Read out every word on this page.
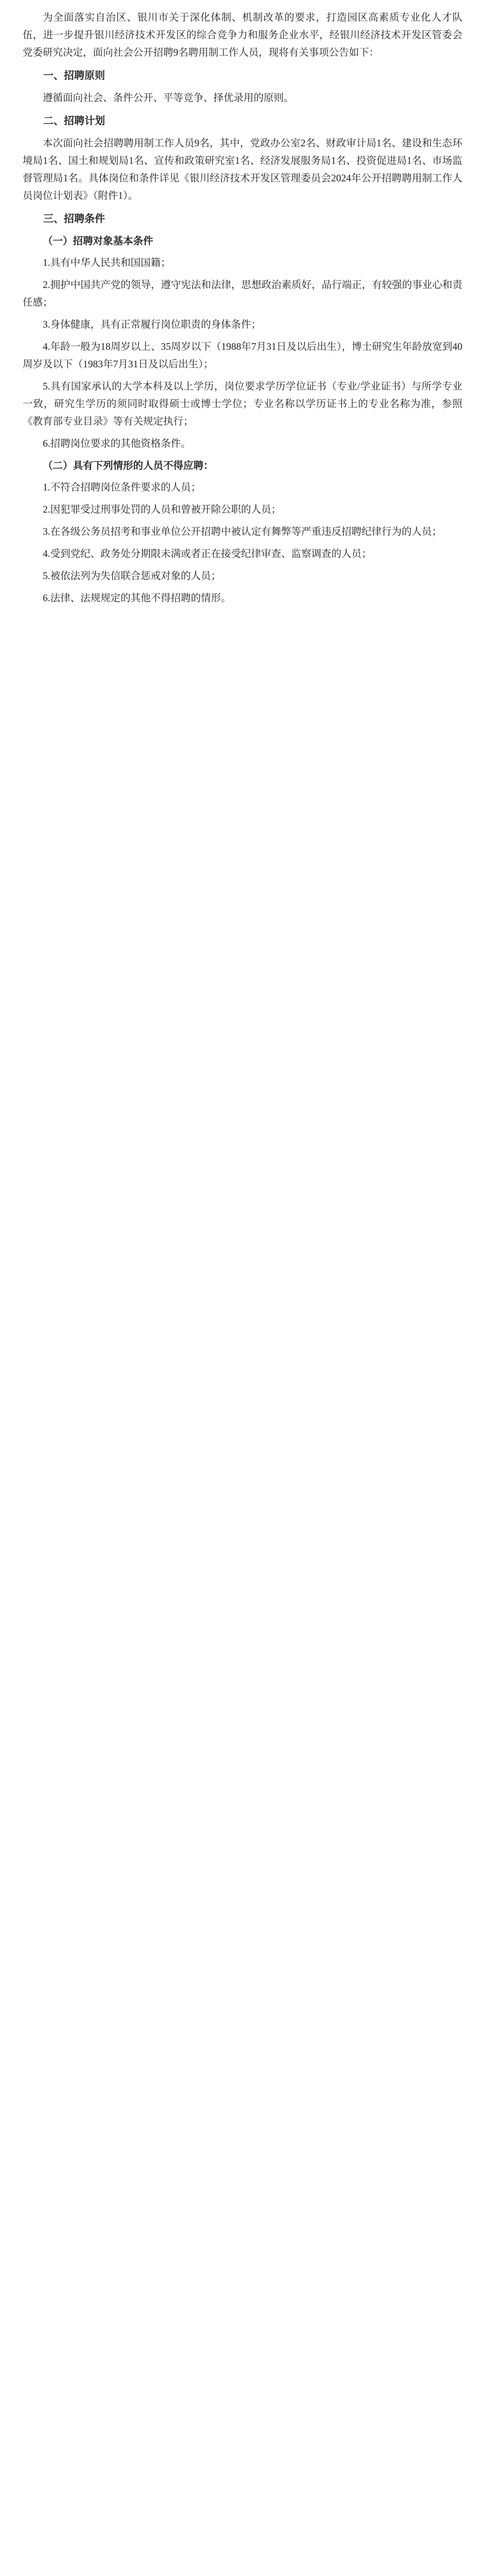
为全面落实自治区、银川市关于深化体制、机制改革的要求，打造园区高素质专业化人才队伍，进一步提升银川经济技术开发区的综合竞争力和服务企业水平，经银川经济技术开发区管委会党委研究决定，面向社会公开招聘9名聘用制工作人员，现将有关事项公告如下：

一、招聘原则

遵循面向社会、条件公开、平等竞争、择优录用的原则。

二、招聘计划

本次面向社会招聘聘用制工作人员9名，其中，党政办公室2名、财政审计局1名、建设和生态环境局1名、国土和规划局1名、宣传和政策研究室1名、经济发展服务局1名、投资促进局1名、市场监督管理局1名。具体岗位和条件详见《银川经济技术开发区管理委员会2024年公开招聘聘用制工作人员岗位计划表》（附件1）。

三、招聘条件

（一）招聘对象基本条件

1.具有中华人民共和国国籍；

2.拥护中国共产党的领导，遵守宪法和法律，思想政治素质好，品行端正，有较强的事业心和责任感；

3.身体健康，具有正常履行岗位职责的身体条件；

4.年龄一般为18周岁以上、35周岁以下（1988年7月31日及以后出生），博士研究生年龄放宽到40周岁及以下（1983年7月31日及以后出生）；

5.具有国家承认的大学本科及以上学历，岗位要求学历学位证书（专业/学业证书）与所学专业一致，研究生学历的须同时取得硕士或博士学位；专业名称以学历证书上的专业名称为准，参照《教育部专业目录》等有关规定执行；

6.招聘岗位要求的其他资格条件。

（二）具有下列情形的人员不得应聘：

1.不符合招聘岗位条件要求的人员；

2.因犯罪受过刑事处罚的人员和曾被开除公职的人员；

3.在各级公务员招考和事业单位公开招聘中被认定有舞弊等严重违反招聘纪律行为的人员；

4.受到党纪、政务处分期限未满或者正在接受纪律审查、监察调查的人员；

5.被依法列为失信联合惩戒对象的人员；

6.法律、法规规定的其他不得招聘的情形。
